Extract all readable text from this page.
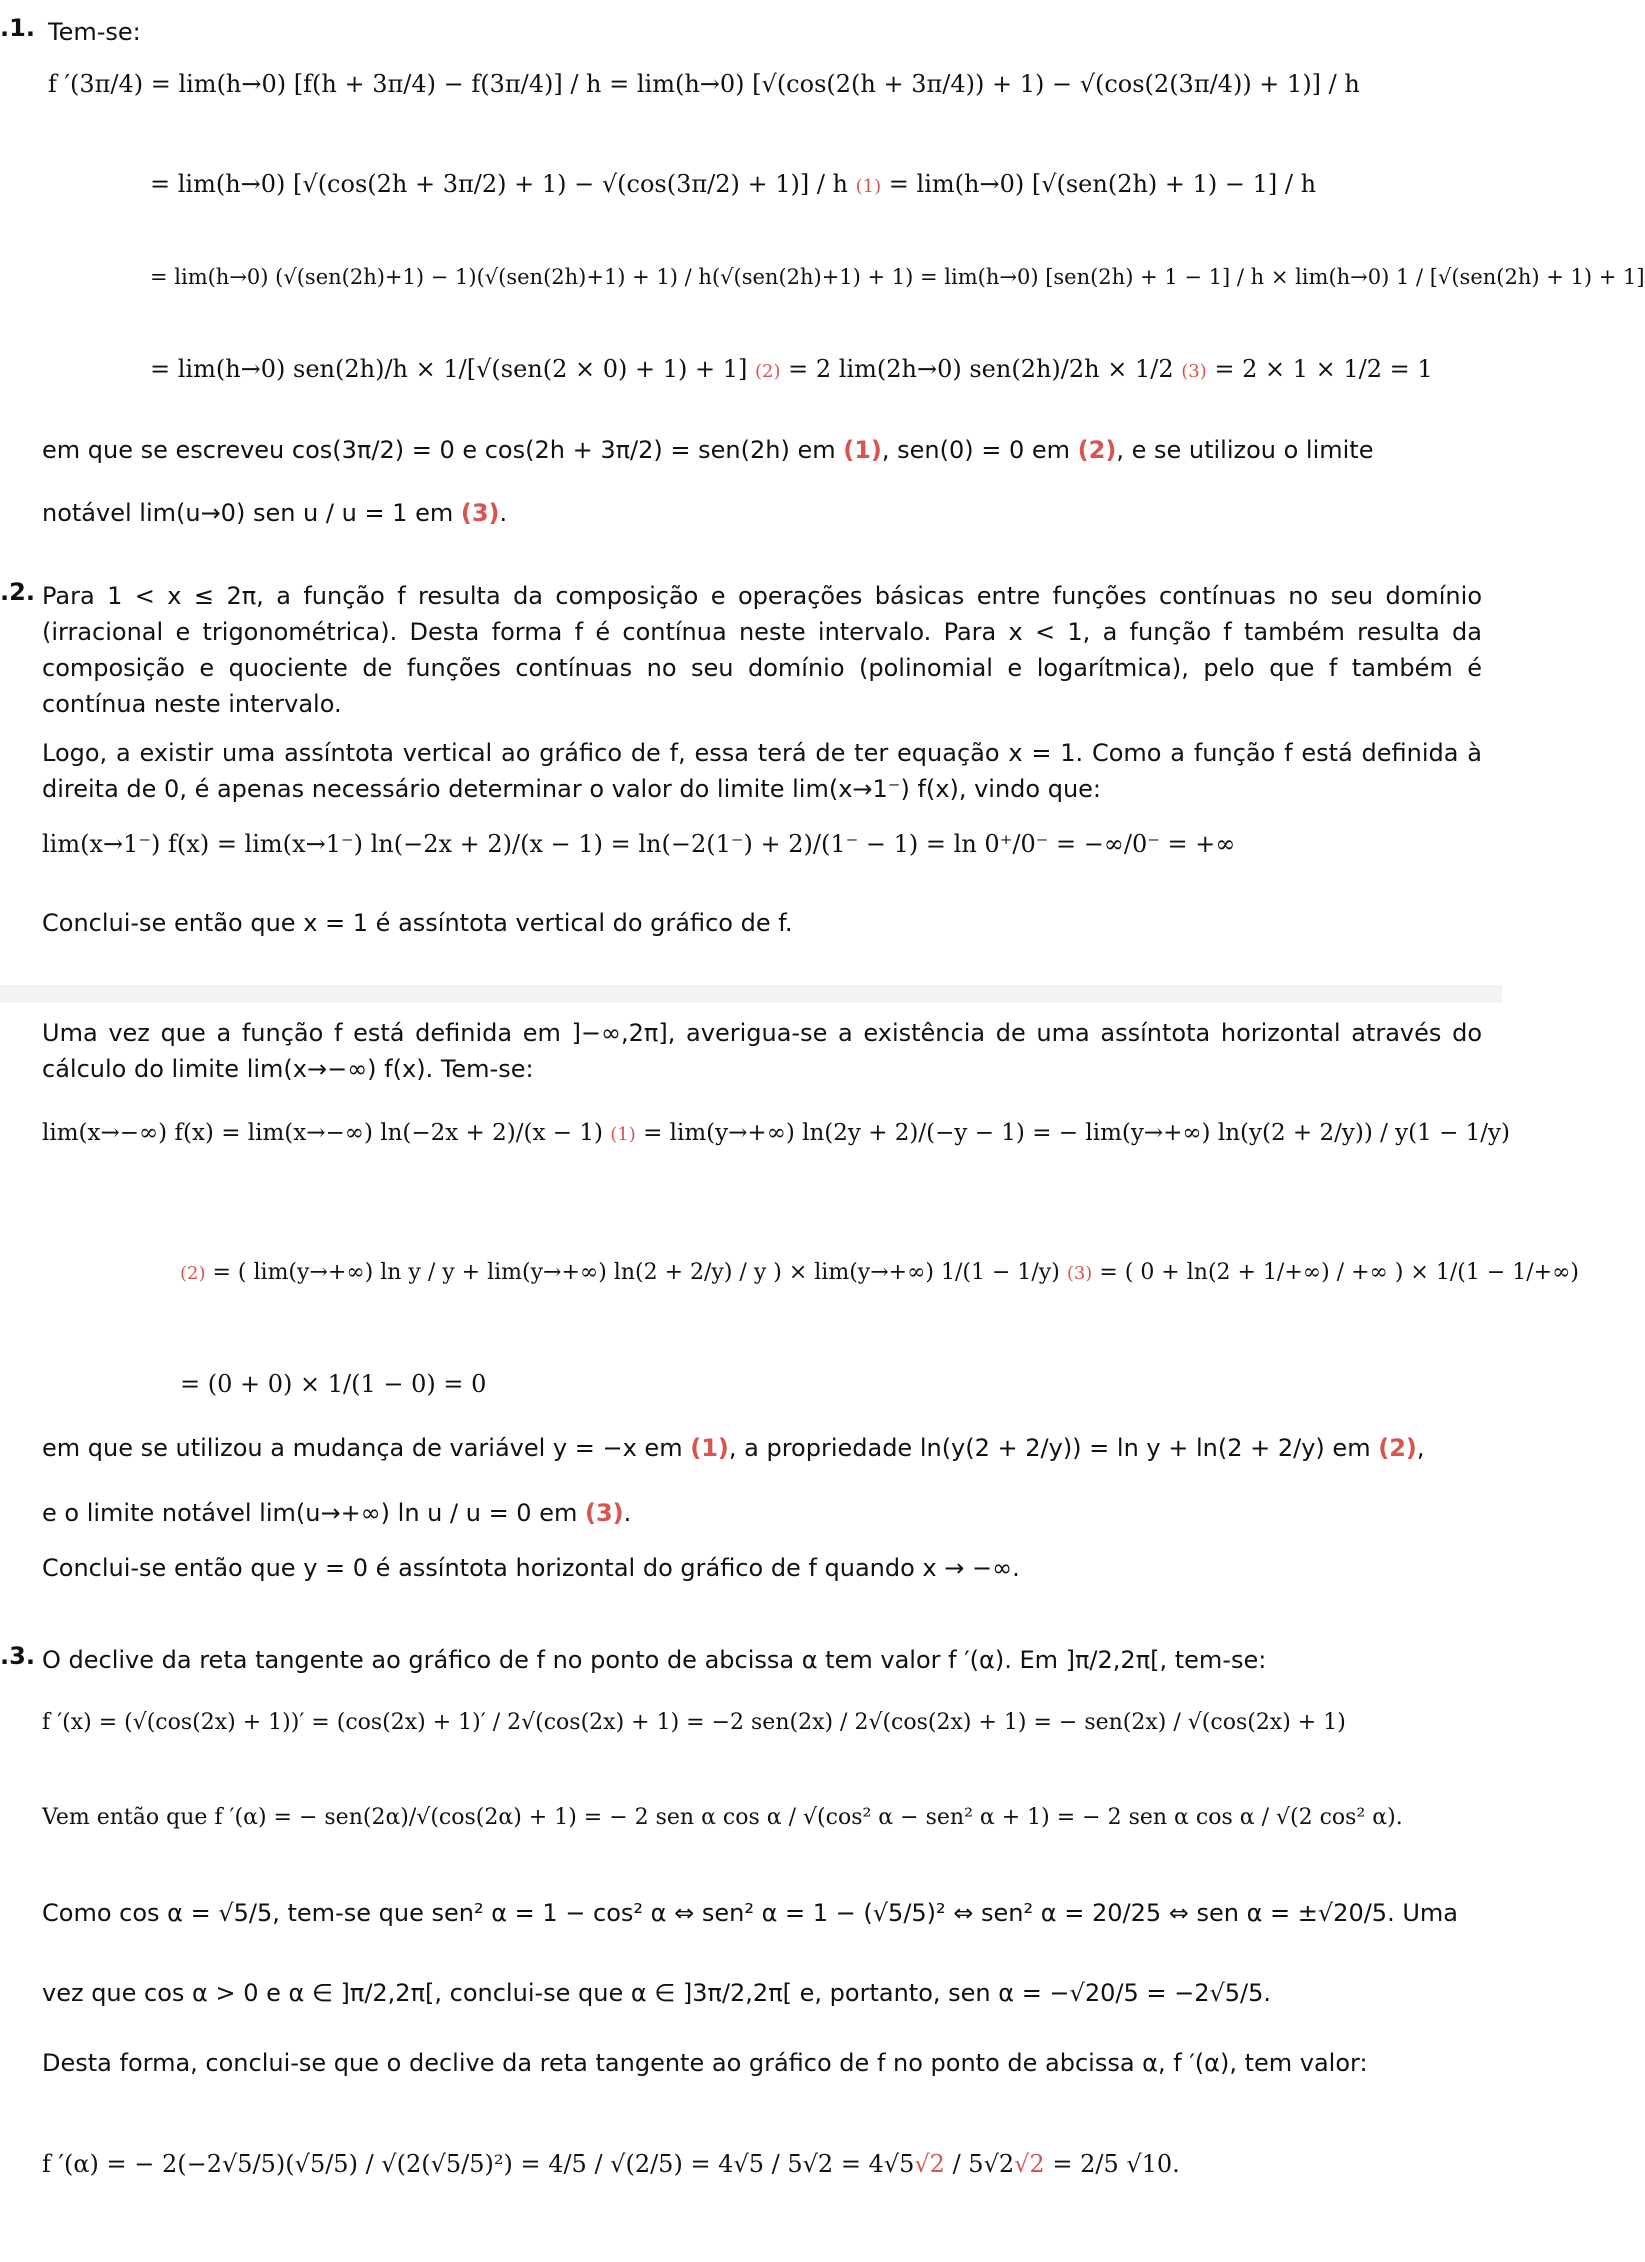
.1. Tem-se:
f ′(3π/4) = lim(h→0) [f(h + 3π/4) − f(3π/4)] / h = lim(h→0) [√(cos(2(h + 3π/4)) + 1) − √(cos(2(3π/4)) + 1)] / h
= lim(h→0) [√(cos(2h + 3π/2) + 1) − √(cos(3π/2) + 1)] / h (1) = lim(h→0) [√(sen(2h) + 1) − 1] / h
= lim(h→0) (√(sen(2h)+1) − 1)(√(sen(2h)+1) + 1) / h(√(sen(2h)+1) + 1) = lim(h→0) [sen(2h) + 1 − 1] / h × lim(h→0) 1 / [√(sen(2h) + 1) + 1]
= lim(h→0) sen(2h)/h × 1/[√(sen(2 × 0) + 1) + 1] (2) = 2 lim(2h→0) sen(2h)/2h × 1/2 (3) = 2 × 1 × 1/2 = 1
em que se escreveu cos(3π/2) = 0 e cos(2h + 3π/2) = sen(2h) em (1), sen(0) = 0 em (2), e se utilizou o limite
notável lim(u→0) sen u / u = 1 em (3).
.2. Para 1 < x ≤ 2π, a função f resulta da composição e operações básicas entre funções contínuas no seu domínio (irracional e trigonométrica). Desta forma f é contínua neste intervalo. Para x < 1, a função f também resulta da composição e quociente de funções contínuas no seu domínio (polinomial e logarítmica), pelo que f também é contínua neste intervalo.
Logo, a existir uma assíntota vertical ao gráfico de f, essa terá de ter equação x = 1. Como a função f está definida à direita de 0, é apenas necessário determinar o valor do limite lim(x→1⁻) f(x), vindo que:
lim(x→1⁻) f(x) = lim(x→1⁻) ln(−2x + 2)/(x − 1) = ln(−2(1⁻) + 2)/(1⁻ − 1) = ln 0⁺/0⁻ = −∞/0⁻ = +∞
Conclui-se então que x = 1 é assíntota vertical do gráfico de f.
Uma vez que a função f está definida em ]−∞,2π], averigua-se a existência de uma assíntota horizontal através do cálculo do limite lim(x→−∞) f(x). Tem-se:
lim(x→−∞) f(x) = lim(x→−∞) ln(−2x + 2)/(x − 1) (1) = lim(y→+∞) ln(2y + 2)/(−y − 1) = − lim(y→+∞) ln(y(2 + 2/y)) / y(1 − 1/y)
(2) = ( lim(y→+∞) ln y / y + lim(y→+∞) ln(2 + 2/y) / y ) × lim(y→+∞) 1/(1 − 1/y) (3) = ( 0 + ln(2 + 1/+∞) / +∞ ) × 1/(1 − 1/+∞)
= (0 + 0) × 1/(1 − 0) = 0
em que se utilizou a mudança de variável y = −x em (1), a propriedade ln(y(2 + 2/y)) = ln y + ln(2 + 2/y) em (2),
e o limite notável lim(u→+∞) ln u / u = 0 em (3).
Conclui-se então que y = 0 é assíntota horizontal do gráfico de f quando x → −∞.
.3. O declive da reta tangente ao gráfico de f no ponto de abcissa α tem valor f ′(α). Em ]π/2,2π[, tem-se:
f ′(x) = (√(cos(2x) + 1))′ = (cos(2x) + 1)′ / 2√(cos(2x) + 1) = −2 sen(2x) / 2√(cos(2x) + 1) = − sen(2x) / √(cos(2x) + 1)
Vem então que f ′(α) = − sen(2α)/√(cos(2α) + 1) = − 2 sen α cos α / √(cos² α − sen² α + 1) = − 2 sen α cos α / √(2 cos² α).
Como cos α = √5/5, tem-se que sen² α = 1 − cos² α ⇔ sen² α = 1 − (√5/5)² ⇔ sen² α = 20/25 ⇔ sen α = ±√20/5. Uma
vez que cos α > 0 e α ∈ ]π/2,2π[, conclui-se que α ∈ ]3π/2,2π[ e, portanto, sen α = −√20/5 = −2√5/5.
Desta forma, conclui-se que o declive da reta tangente ao gráfico de f no ponto de abcissa α, f ′(α), tem valor:
f ′(α) = − 2(−2√5/5)(√5/5) / √(2(√5/5)²) = 4/5 / √(2/5) = 4√5 / 5√2 = 4√5√2 / 5√2√2 = 2/5 √10.
